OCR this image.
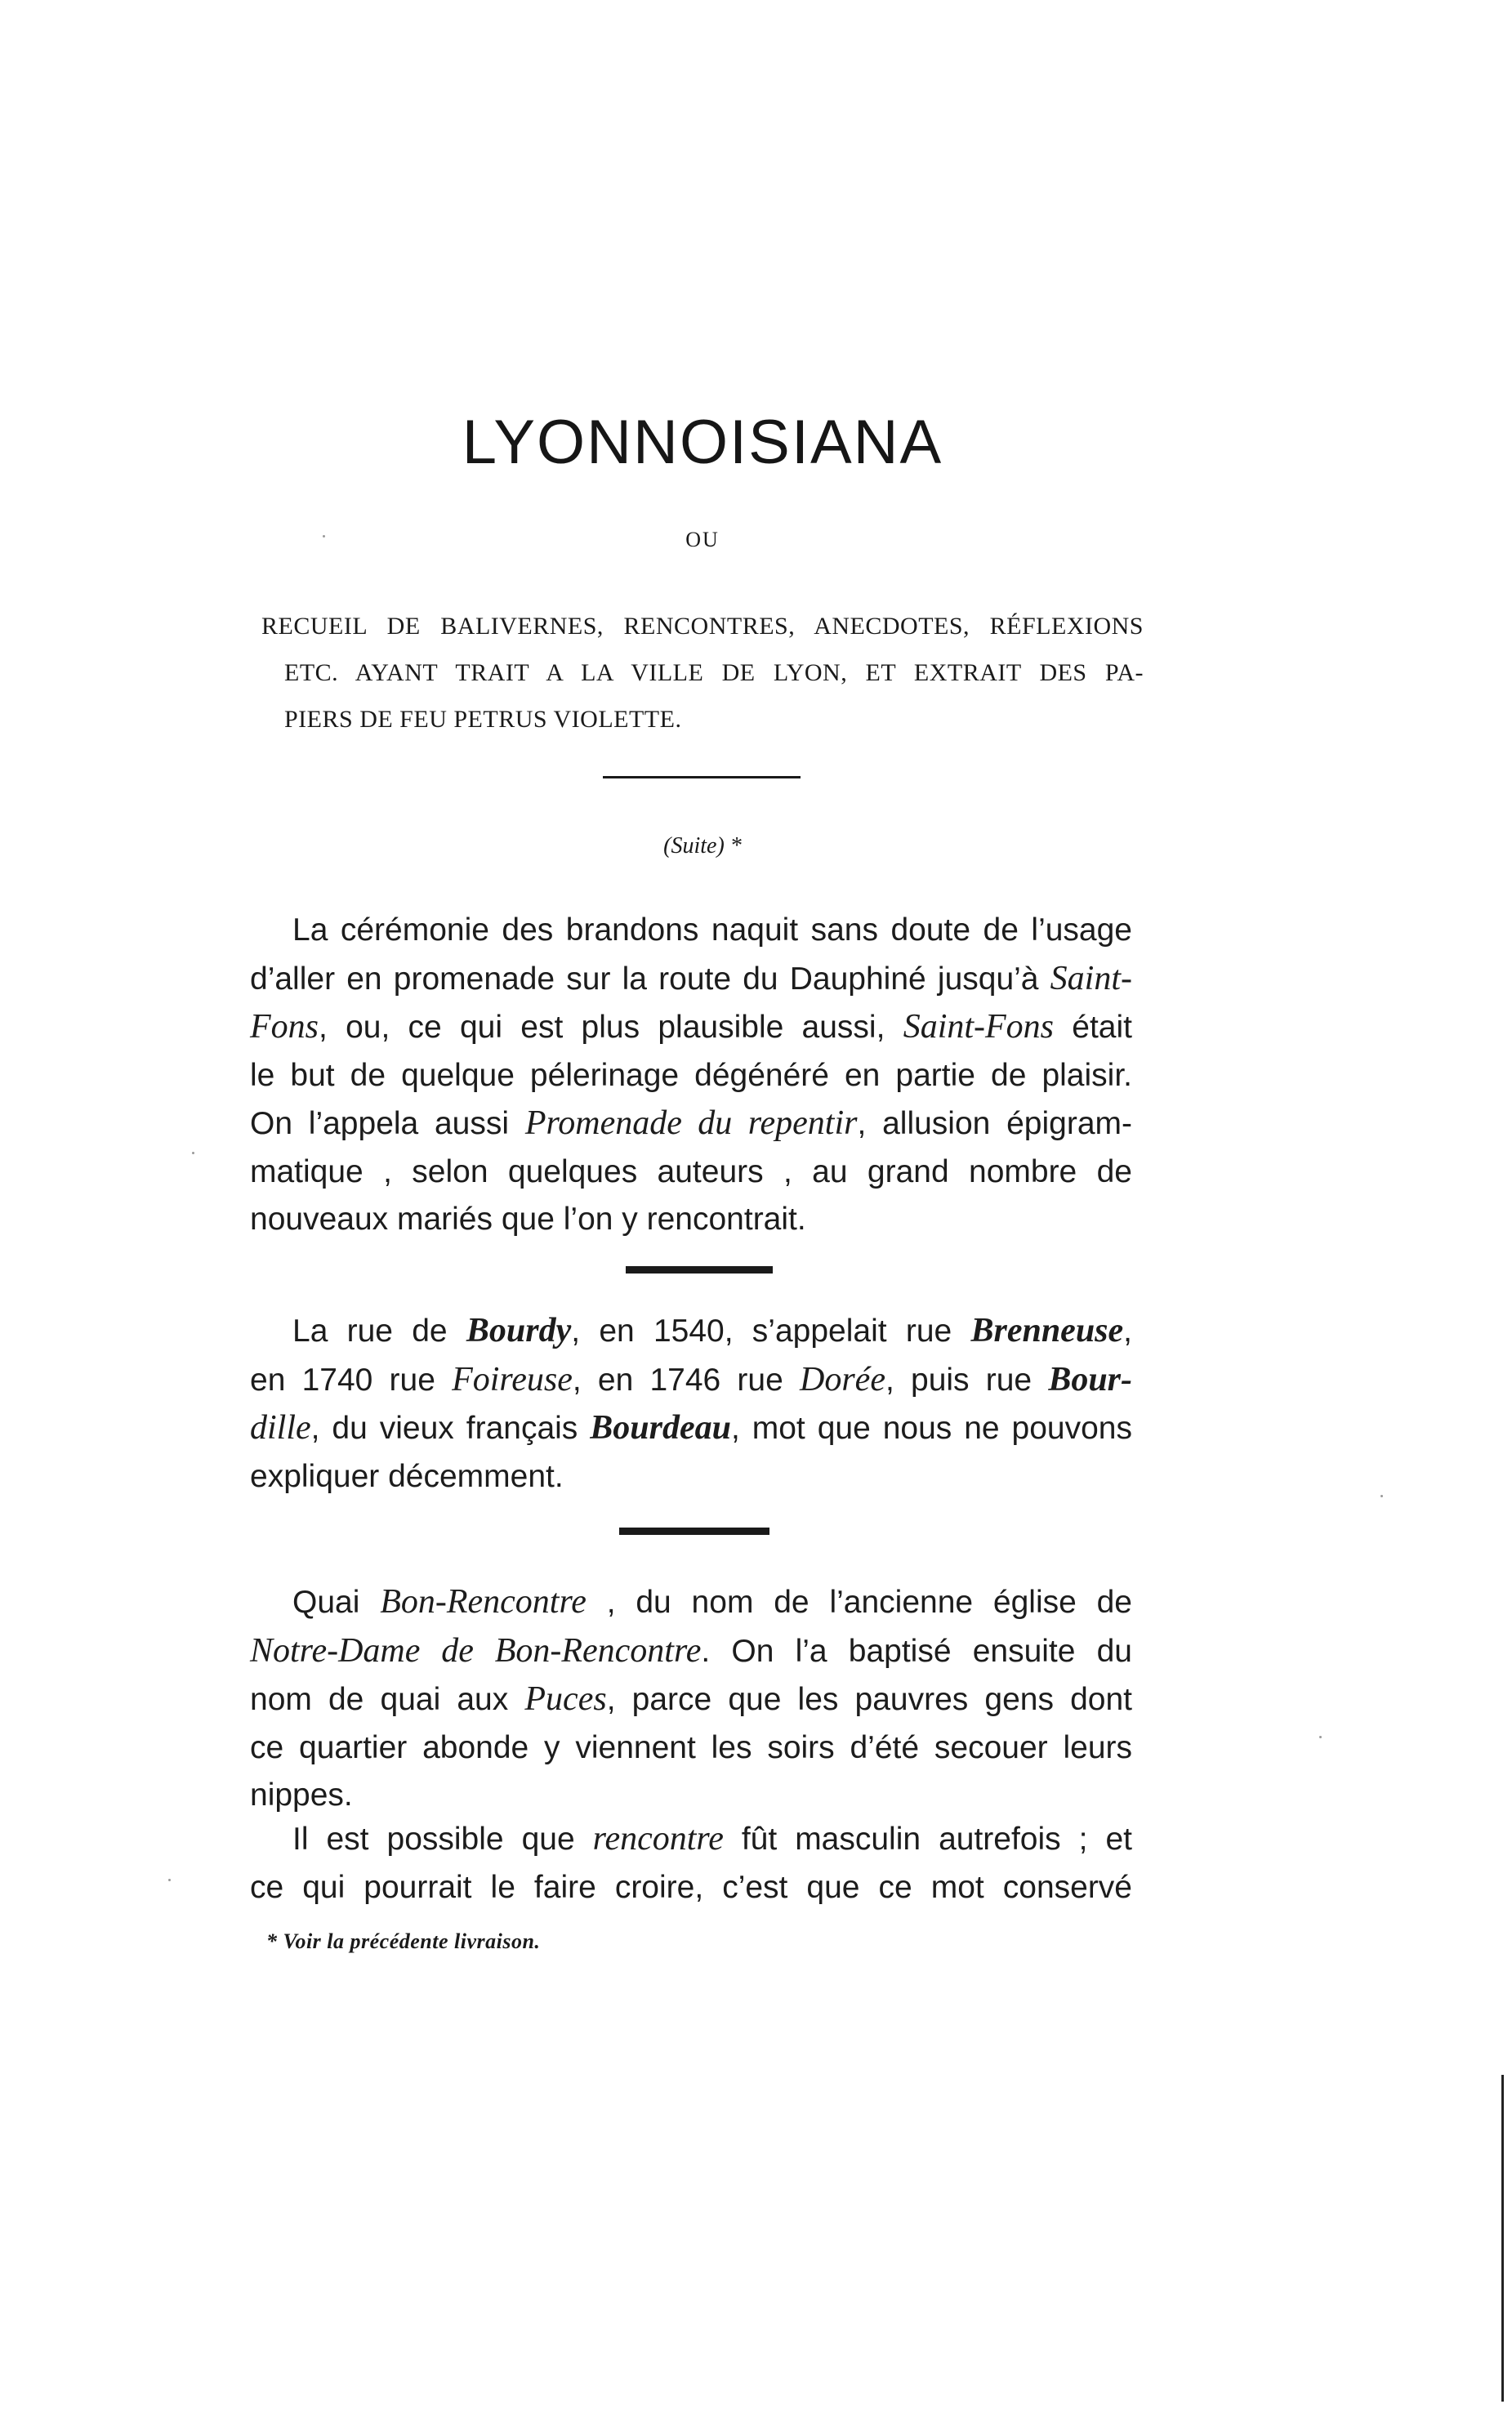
LYONNOISIANA
OU
RECUEIL DE BALIVERNES, RENCONTRES, ANECDOTES, RÉFLEXIONS
ETC. AYANT TRAIT A LA VILLE DE LYON, ET EXTRAIT DES PA-
PIERS DE FEU PETRUS VIOLETTE.
(Suite) *
La cérémonie des brandons naquit sans doute de l’usage
d’aller en promenade sur la route du Dauphiné jusqu’à Saint-
Fons, ou, ce qui est plus plausible aussi, Saint-Fons était
le but de quelque pélerinage dégénéré en partie de plaisir.
On l’appela aussi Promenade du repentir, allusion épigram-
matique , selon quelques auteurs , au grand nombre de
nouveaux mariés que l’on y rencontrait.
La rue de Bourdy, en 1540, s’appelait rue Brenneuse,
en 1740 rue Foireuse, en 1746 rue Dorée, puis rue Bour-
dille, du vieux français Bourdeau, mot que nous ne pouvons
expliquer décemment.
Quai Bon-Rencontre , du nom de l’ancienne église de
Notre-Dame de Bon-Rencontre. On l’a baptisé ensuite du
nom de quai aux Puces, parce que les pauvres gens dont
ce quartier abonde y viennent les soirs d’été secouer leurs
nippes.
Il est possible que rencontre fût masculin autrefois ; et
ce qui pourrait le faire croire, c’est que ce mot conservé
* Voir la précédente livraison.
